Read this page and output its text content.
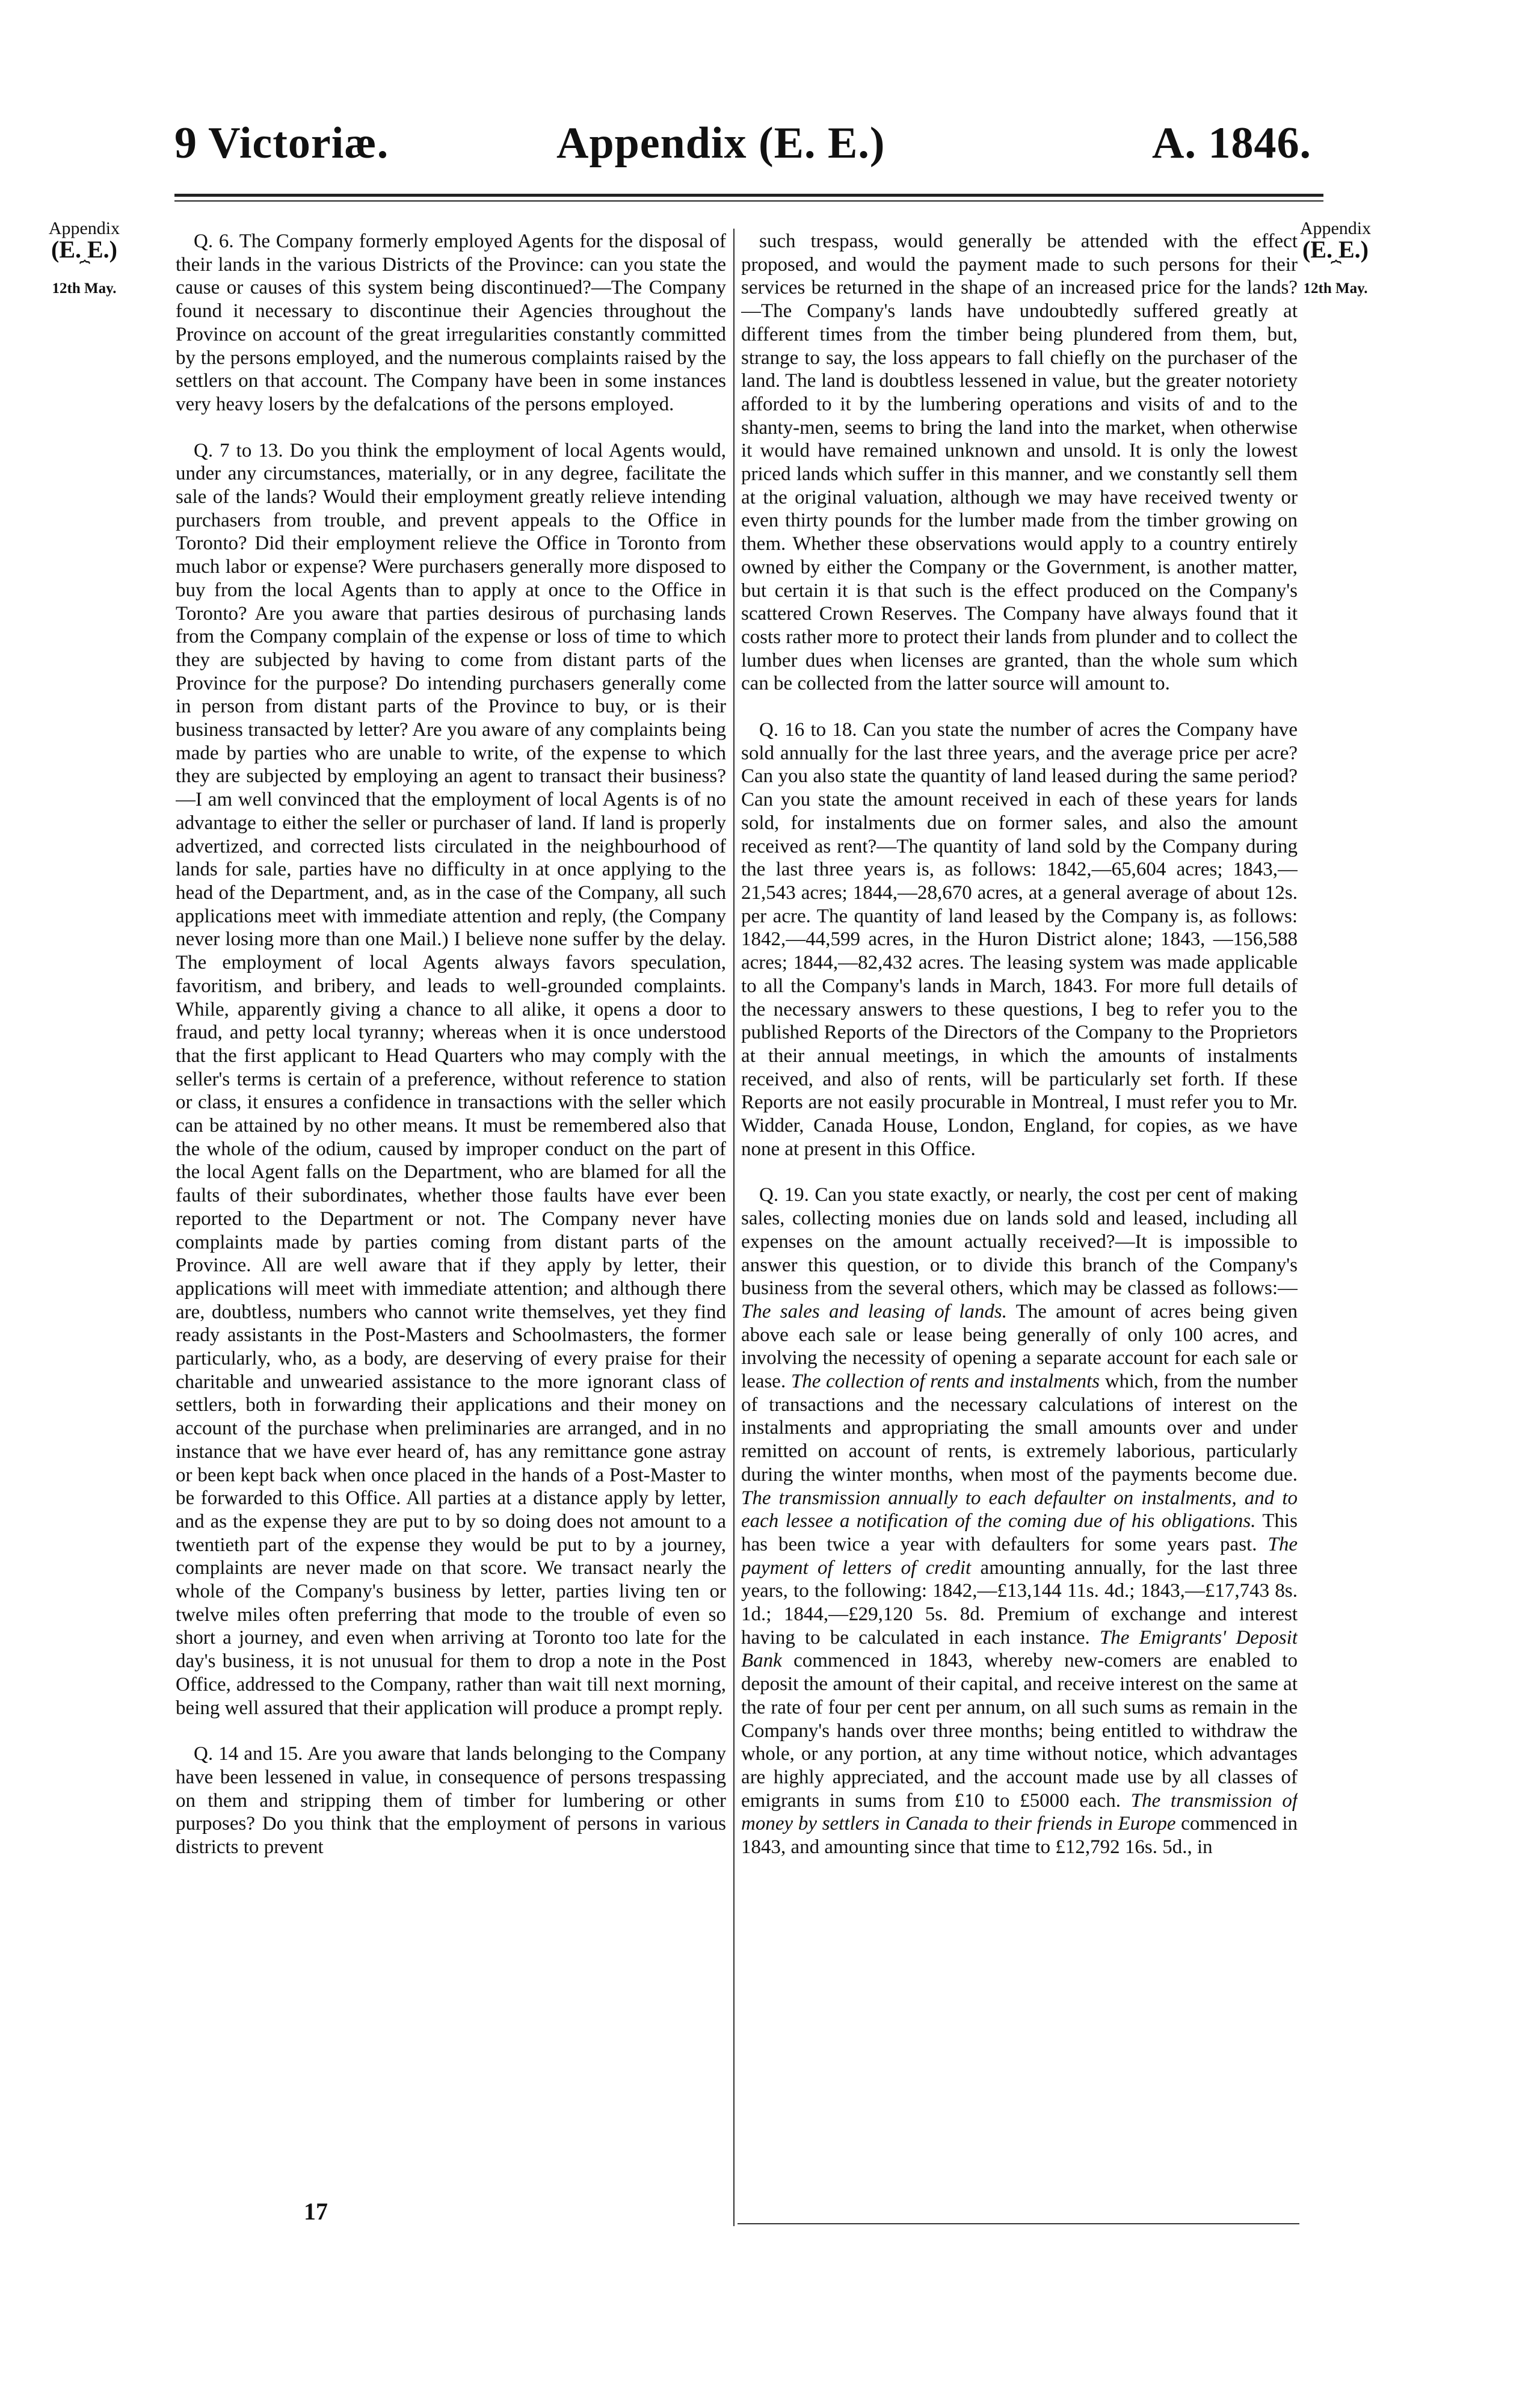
9 Victoriæ.	Appendix (E. E.)	A. 1846.
Appendix
(E. E.)
⏞
12th May.
Appendix
(E. E.)
⏞
12th May.

Q. 6. The Company formerly employed Agents for the disposal of their lands in the various Districts of the Province: can you state the cause or causes of this system being discontinued?—The Company found it necessary to discontinue their Agencies throughout the Province on account of the great irregularities constantly committed by the persons employed, and the numerous complaints raised by the settlers on that account. The Company have been in some instances very heavy losers by the defalcations of the persons employed.

Q. 7 to 13. Do you think the employment of local Agents would, under any circumstances, materially, or in any degree, facilitate the sale of the lands? Would their employment greatly relieve intending purchasers from trouble, and prevent appeals to the Office in Toronto? Did their employment relieve the Office in Toronto from much labor or expense? Were purchasers generally more disposed to buy from the local Agents than to apply at once to the Office in Toronto? Are you aware that parties desirous of purchasing lands from the Company complain of the expense or loss of time to which they are subjected by having to come from distant parts of the Province for the purpose? Do intending purchasers generally come in person from distant parts of the Province to buy, or is their business transacted by letter? Are you aware of any complaints being made by parties who are unable to write, of the expense to which they are subjected by employing an agent to transact their business?—I am well convinced that the employment of local Agents is of no advantage to either the seller or purchaser of land. If land is properly advertized, and corrected lists circulated in the neighbourhood of lands for sale, parties have no difficulty in at once applying to the head of the Department, and, as in the case of the Company, all such applications meet with immediate attention and reply, (the Company never losing more than one Mail.) I believe none suffer by the delay. The employment of local Agents always favors speculation, favoritism, and bribery, and leads to well-grounded complaints. While, apparently giving a chance to all alike, it opens a door to fraud, and petty local tyranny; whereas when it is once understood that the first applicant to Head Quarters who may comply with the seller's terms is certain of a preference, without reference to station or class, it ensures a confidence in transactions with the seller which can be attained by no other means. It must be remembered also that the whole of the odium, caused by improper conduct on the part of the local Agent falls on the Department, who are blamed for all the faults of their subordinates, whether those faults have ever been reported to the Department or not. The Company never have complaints made by parties coming from distant parts of the Province. All are well aware that if they apply by letter, their applications will meet with immediate attention; and although there are, doubtless, numbers who cannot write themselves, yet they find ready assistants in the Post-Masters and Schoolmasters, the former particularly, who, as a body, are deserving of every praise for their charitable and unwearied assistance to the more ignorant class of settlers, both in forwarding their applications and their money on account of the purchase when preliminaries are arranged, and in no instance that we have ever heard of, has any remittance gone astray or been kept back when once placed in the hands of a Post-Master to be forwarded to this Office. All parties at a distance apply by letter, and as the expense they are put to by so doing does not amount to a twentieth part of the expense they would be put to by a journey, complaints are never made on that score. We transact nearly the whole of the Company's business by letter, parties living ten or twelve miles often preferring that mode to the trouble of even so short a journey, and even when arriving at Toronto too late for the day's business, it is not unusual for them to drop a note in the Post Office, addressed to the Company, rather than wait till next morning, being well assured that their application will produce a prompt reply.

Q. 14 and 15. Are you aware that lands belonging to the Company have been lessened in value, in consequence of persons trespassing on them and stripping them of timber for lumbering or other purposes? Do you think that the employment of persons in various districts to prevent

such trespass, would generally be attended with the effect proposed, and would the payment made to such persons for their services be returned in the shape of an increased price for the lands?—The Company's lands have undoubtedly suffered greatly at different times from the timber being plundered from them, but, strange to say, the loss appears to fall chiefly on the purchaser of the land. The land is doubtless lessened in value, but the greater notoriety afforded to it by the lumbering operations and visits of and to the shanty-men, seems to bring the land into the market, when otherwise it would have remained unknown and unsold. It is only the lowest priced lands which suffer in this manner, and we constantly sell them at the original valuation, although we may have received twenty or even thirty pounds for the lumber made from the timber growing on them. Whether these observations would apply to a country entirely owned by either the Company or the Government, is another matter, but certain it is that such is the effect produced on the Company's scattered Crown Reserves. The Company have always found that it costs rather more to protect their lands from plunder and to collect the lumber dues when licenses are granted, than the whole sum which can be collected from the latter source will amount to.

Q. 16 to 18. Can you state the number of acres the Company have sold annually for the last three years, and the average price per acre? Can you also state the quantity of land leased during the same period? Can you state the amount received in each of these years for lands sold, for instalments due on former sales, and also the amount received as rent?—The quantity of land sold by the Company during the last three years is, as follows: 1842,—65,604 acres; 1843,—21,543 acres; 1844,—28,670 acres, at a general average of about 12s. per acre. The quantity of land leased by the Company is, as follows: 1842,—44,599 acres, in the Huron District alone; 1843, —156,588 acres; 1844,—82,432 acres. The leasing system was made applicable to all the Company's lands in March, 1843. For more full details of the necessary answers to these questions, I beg to refer you to the published Reports of the Directors of the Company to the Proprietors at their annual meetings, in which the amounts of instalments received, and also of rents, will be particularly set forth. If these Reports are not easily procurable in Montreal, I must refer you to Mr. Widder, Canada House, London, England, for copies, as we have none at present in this Office.

Q. 19. Can you state exactly, or nearly, the cost per cent of making sales, collecting monies due on lands sold and leased, including all expenses on the amount actually received?—It is impossible to answer this question, or to divide this branch of the Company's business from the several others, which may be classed as follows:—The sales and leasing of lands. The amount of acres being given above each sale or lease being generally of only 100 acres, and involving the necessity of opening a separate account for each sale or lease. The collection of rents and instalments which, from the number of transactions and the necessary calculations of interest on the instalments and appropriating the small amounts over and under remitted on account of rents, is extremely laborious, particularly during the winter months, when most of the payments become due. The transmission annually to each defaulter on instalments, and to each lessee a notification of the coming due of his obligations. This has been twice a year with defaulters for some years past. The payment of letters of credit amounting annually, for the last three years, to the following: 1842,—£13,144 11s. 4d.; 1843,—£17,743 8s. 1d.; 1844,—£29,120 5s. 8d. Premium of exchange and interest having to be calculated in each instance. The Emigrants' Deposit Bank commenced in 1843, whereby new-comers are enabled to deposit the amount of their capital, and receive interest on the same at the rate of four per cent per annum, on all such sums as remain in the Company's hands over three months; being entitled to withdraw the whole, or any portion, at any time without notice, which advantages are highly appreciated, and the account made use by all classes of emigrants in sums from £10 to £5000 each. The transmission of money by settlers in Canada to their friends in Europe commenced in 1843, and amounting since that time to £12,792 16s. 5d., in

17
